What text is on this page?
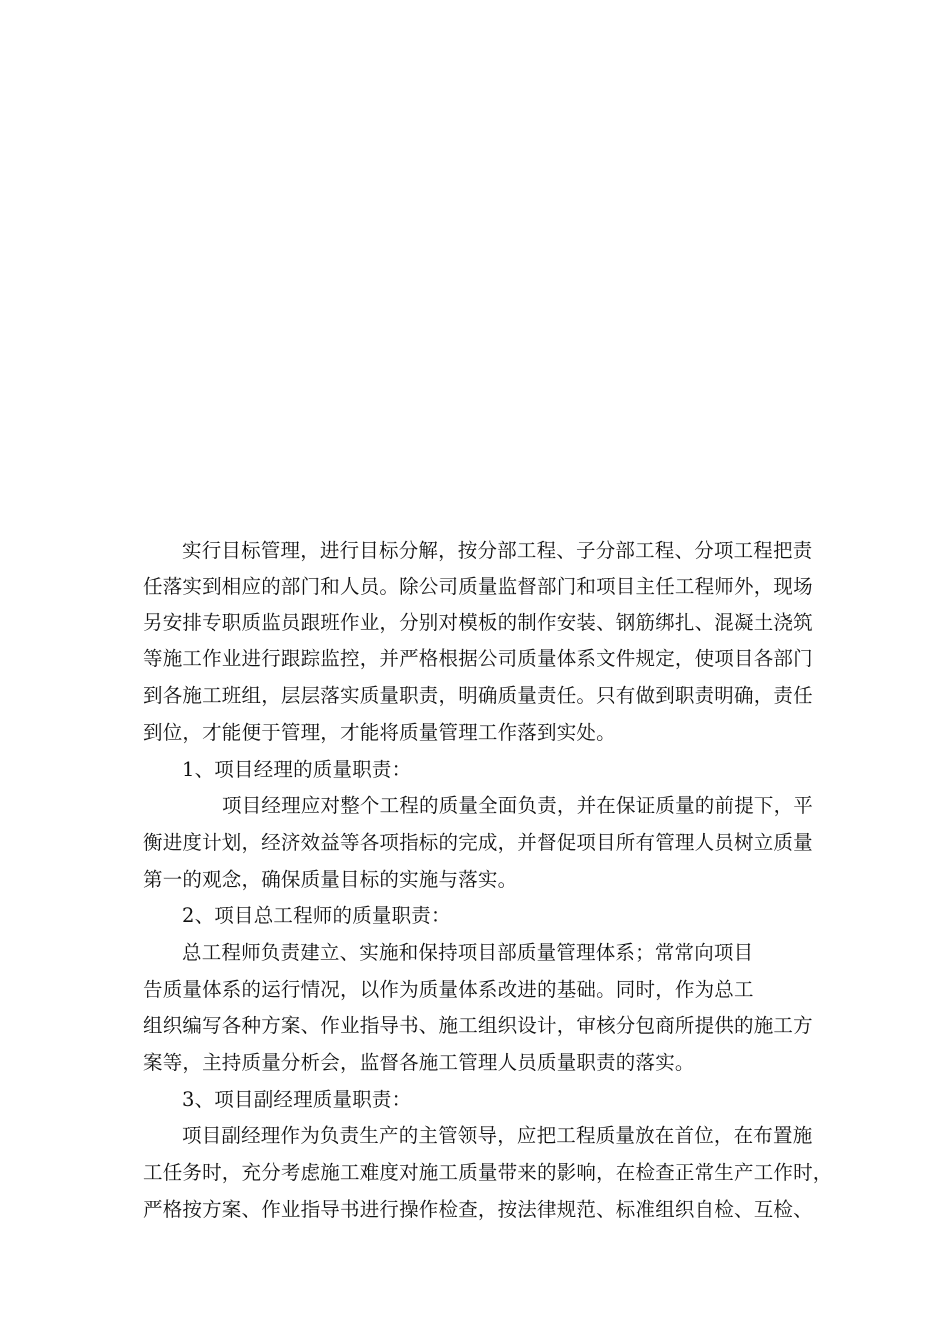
实行目标管理，进行目标分解，按分部工程、子分部工程、分项工程把责
任落实到相应的部门和人员。除公司质量监督部门和项目主任工程师外，现场
另安排专职质监员跟班作业，分别对模板的制作安装、钢筋绑扎、混凝土浇筑
等施工作业进行跟踪监控，并严格根据公司质量体系文件规定，使项目各部门
到各施工班组，层层落实质量职责，明确质量责任。只有做到职责明确，责任
到位，才能便于管理，才能将质量管理工作落到实处。
1、项目经理的质量职责：
项目经理应对整个工程的质量全面负责，并在保证质量的前提下，平
衡进度计划，经济效益等各项指标的完成，并督促项目所有管理人员树立质量
第一的观念，确保质量目标的实施与落实。
2、项目总工程师的质量职责：
总工程师负责建立、实施和保持项目部质量管理体系；常常向项目
告质量体系的运行情况，以作为质量体系改进的基础。同时，作为总工
组织编写各种方案、作业指导书、施工组织设计，审核分包商所提供的施工方
案等，主持质量分析会，监督各施工管理人员质量职责的落实。
3、项目副经理质量职责：
项目副经理作为负责生产的主管领导，应把工程质量放在首位，在布置施
工任务时，充分考虑施工难度对施工质量带来的影响，在检查正常生产工作时，
严格按方案、作业指导书进行操作检查，按法律规范、标准组织自检、互检、
